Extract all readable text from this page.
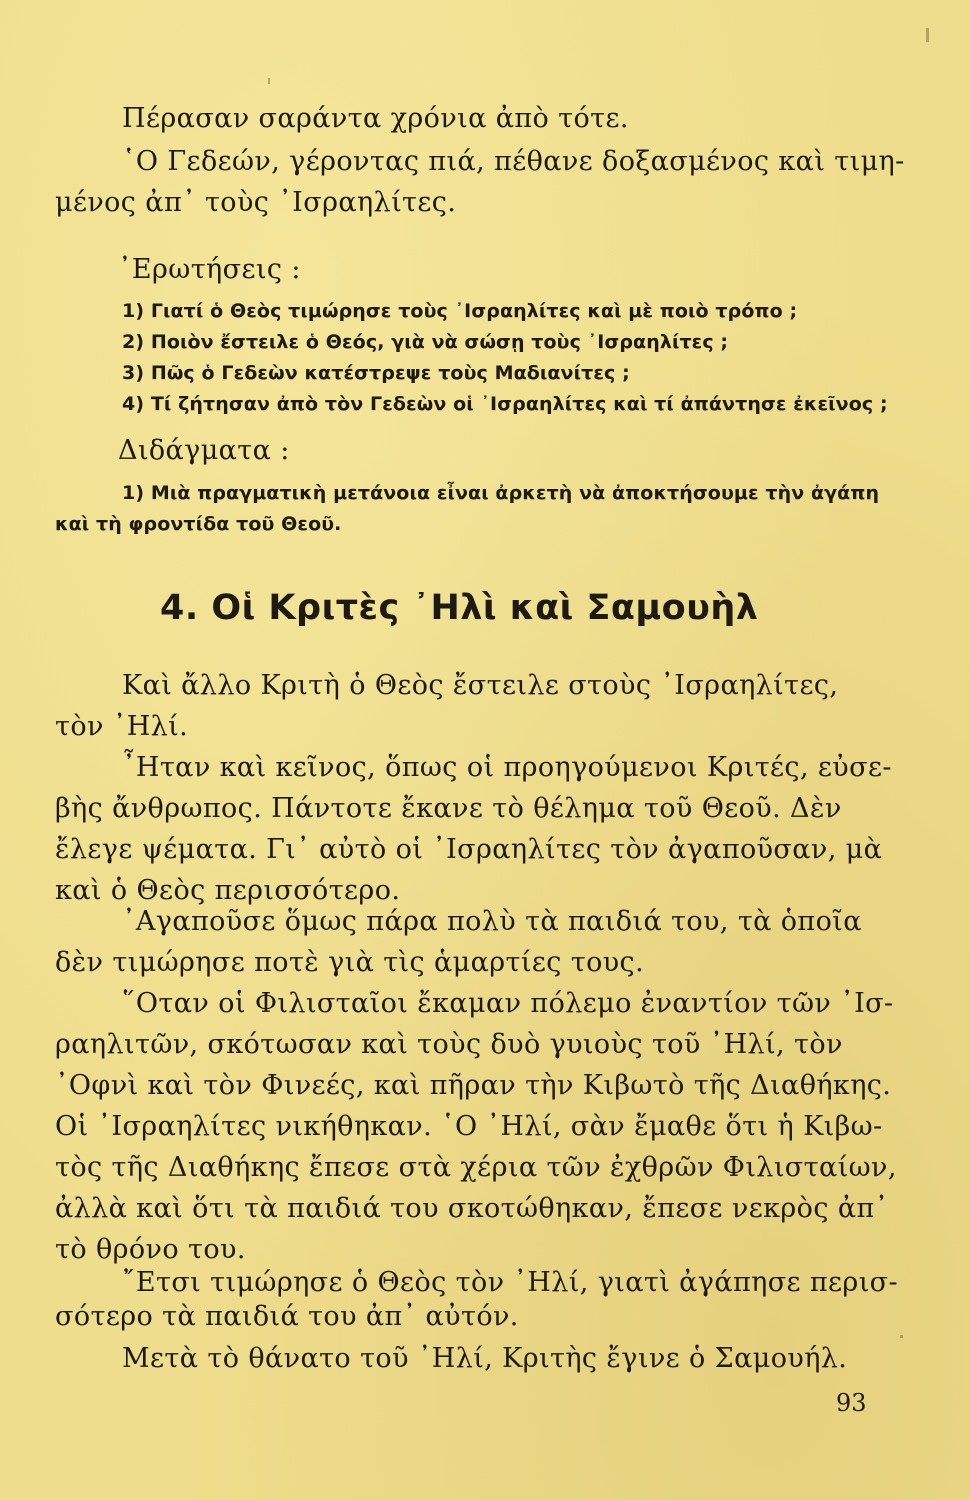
Πέρασαν σαράντα χρόνια ἀπὸ τότε.

῾Ο Γεδεών, γέροντας πιά, πέθανε δοξασμένος καὶ τιμη-

μένος ἀπ᾽ τοὺς ᾽Ισραηλίτες.

᾽Ερωτήσεις :

1) Γιατί ὁ Θεὸς τιμώρησε τοὺς ᾽Ισραηλίτες καὶ μὲ ποιὸ τρόπο ;

2) Ποιὸν ἔστειλε ὁ Θεός, γιὰ νὰ σώσῃ τοὺς ᾽Ισραηλίτες ;

3) Πῶς ὁ Γεδεὼν κατέστρεψε τοὺς Μαδιανίτες ;

4) Τί ζήτησαν ἀπὸ τὸν Γεδεὼν οἱ ᾽Ισραηλίτες καὶ τί ἀπάντησε ἐκεῖνος ;

Διδάγματα :

1) Μιὰ πραγματικὴ μετάνοια εἶναι ἀρκετὴ νὰ ἀποκτήσουμε τὴν ἀγάπη

καὶ τὴ φροντίδα τοῦ Θεοῦ.

4. Οἱ Κριτὲς ᾽Ηλὶ καὶ Σαμουὴλ

Καὶ ἄλλο Κριτὴ ὁ Θεὸς ἔστειλε στοὺς ᾽Ισραηλίτες,

τὸν ᾽Ηλί.

῏Ηταν καὶ κεῖνος, ὅπως οἱ προηγούμενοι Κριτές, εὐσε-

βὴς ἄνθρωπος. Πάντοτε ἔκανε τὸ θέλημα τοῦ Θεοῦ. Δὲν

ἔλεγε ψέματα. Γι᾽ αὐτὸ οἱ ᾽Ισραηλίτες τὸν ἀγαποῦσαν, μὰ

καὶ ὁ Θεὸς περισσότερο.

᾽Αγαποῦσε ὅμως πάρα πολὺ τὰ παιδιά του, τὰ ὁποῖα

δὲν τιμώρησε ποτὲ γιὰ τὶς ἁμαρτίες τους.

῞Οταν οἱ Φιλισταῖοι ἔκαμαν πόλεμο ἐναντίον τῶν ᾽Ισ-

ραηλιτῶν, σκότωσαν καὶ τοὺς δυὸ γυιοὺς τοῦ ᾽Ηλί, τὸν

᾽Οφνὶ καὶ τὸν Φινεές, καὶ πῆραν τὴν Κιβωτὸ τῆς Διαθήκης.

Οἱ ᾽Ισραηλίτες νικήθηκαν. ῾Ο ᾽Ηλί, σὰν ἔμαθε ὅτι ἡ Κιβω-

τὸς τῆς Διαθήκης ἔπεσε στὰ χέρια τῶν ἐχθρῶν Φιλισταίων,

ἀλλὰ καὶ ὅτι τὰ παιδιά του σκοτώθηκαν, ἔπεσε νεκρὸς ἀπ᾽

τὸ θρόνο του.

῎Ετσι τιμώρησε ὁ Θεὸς τὸν ᾽Ηλί, γιατὶ ἀγάπησε περισ-

σότερο τὰ παιδιά του ἀπ᾽ αὐτόν.

Μετὰ τὸ θάνατο τοῦ ᾽Ηλί, Κριτὴς ἔγινε ὁ Σαμουήλ.

93
